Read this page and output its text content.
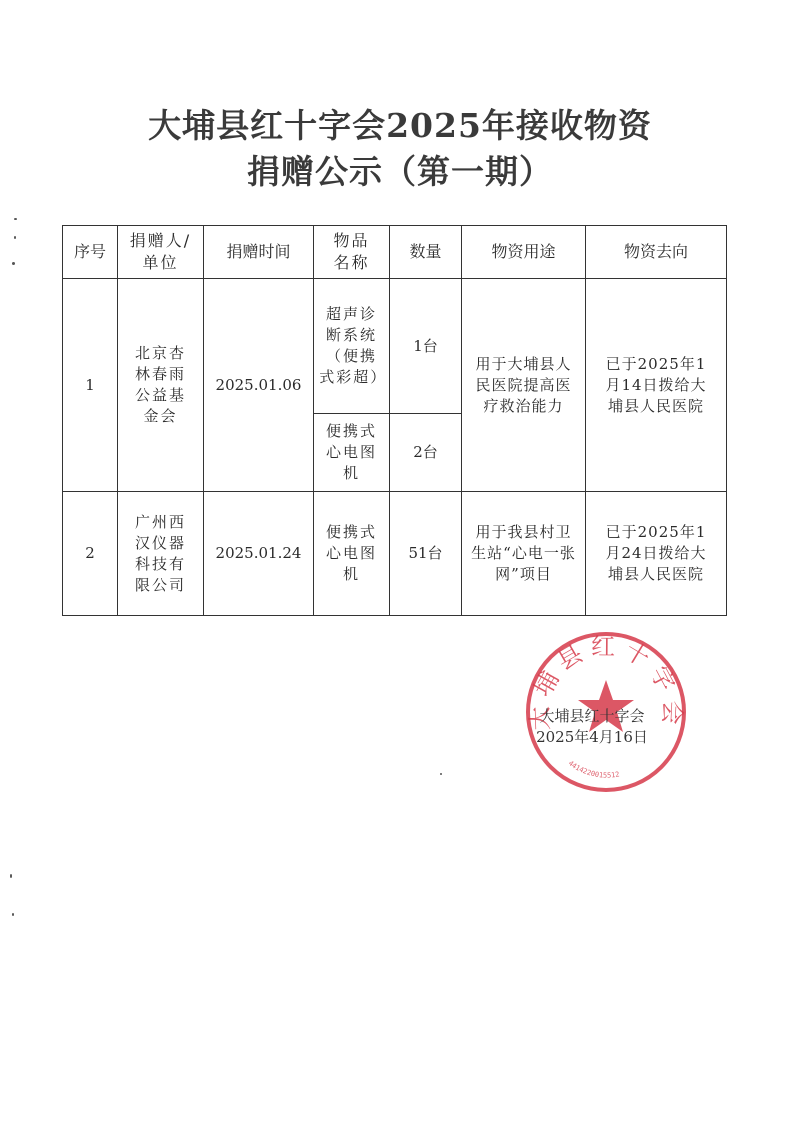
大埔县红十字会2025年接收物资
捐赠公示（第一期）
序号	捐赠人/单位	捐赠时间	物品名称	数量	物资用途	物资去向
1	北京杏林春雨公益基金会	2025.01.06	超声诊断系统（便携式彩超）	1台	用于大埔县人民医院提高医疗救治能力	已于2025年1月14日拨给大埔县人民医院

			便携式心电图机	2台		
2	广州西汉仪器科技有限公司	2025.01.24	便携式心电图机	51台	用于我县村卫生站“心电一张网”项目	已于2025年1月24日拨给大埔县人民医院
大埔县红十字会
4414220015512
大埔县红十字会
2025年4月16日
